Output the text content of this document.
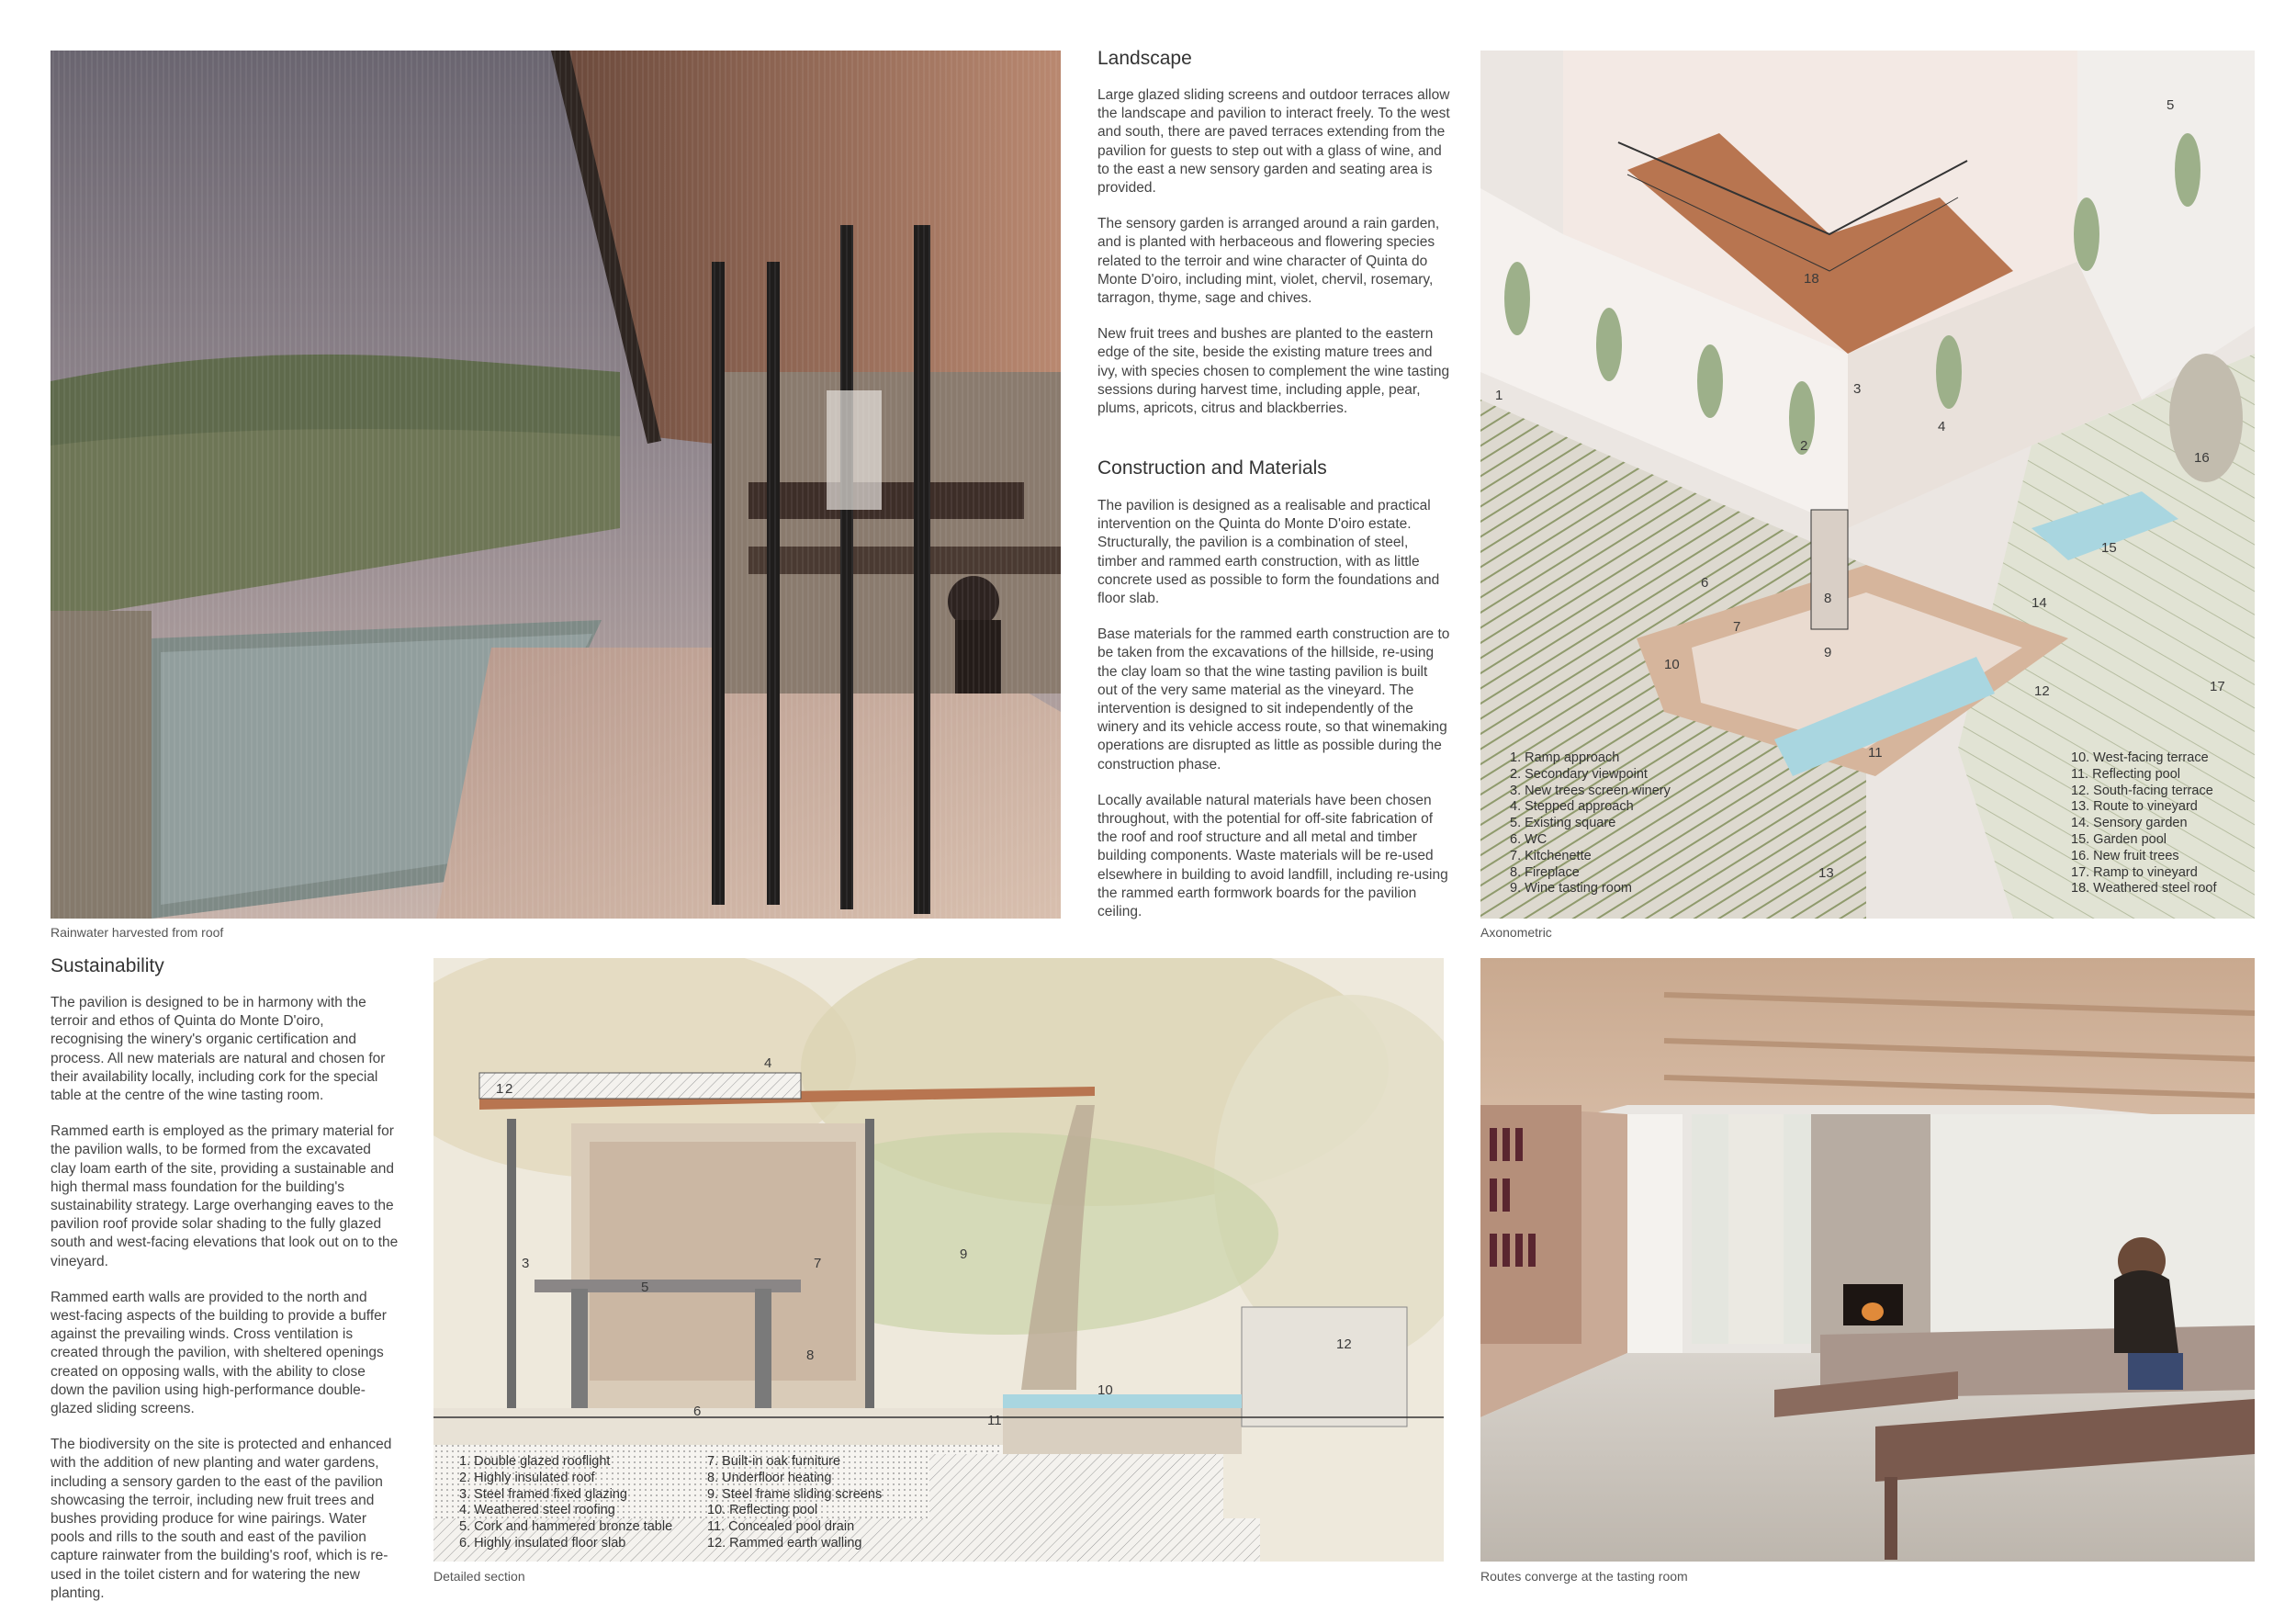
Rainwater harvested from roof
Landscape

Large glazed sliding screens and outdoor terraces allow the landscape and pavilion to interact freely. To the west and south, there are paved terraces extending from the pavilion for guests to step out with a glass of wine, and to the east a new sensory garden and seating area is provided.

The sensory garden is arranged around a rain garden, and is planted with herbaceous and flowering species related to the terroir and wine character of Quinta do Monte D'oiro, including mint, violet, chervil, rosemary, tarragon, thyme, sage and chives.

New fruit trees and bushes are planted to the eastern edge of the site, beside the existing mature trees and ivy, with species chosen to complement the wine tasting sessions during harvest time, including apple, pear, plums, apricots, citrus and blackberries.

Construction and Materials

The pavilion is designed as a realisable and practical intervention on the Quinta do Monte D'oiro estate. Structurally, the pavilion is a combination of steel, timber and rammed earth construction, with as little concrete used as possible to form the foundations and floor slab.

Base materials for the rammed earth construction are to be taken from the excavations of the hillside, re-using the clay loam so that the wine tasting pavilion is built out of the very same material as the vineyard. The intervention is designed to sit independently of the winery and its vehicle access route, so that winemaking operations are disrupted as little as possible during the construction phase.

Locally available natural materials have been chosen throughout, with the potential for off-site fabrication of the roof and roof structure and all metal and timber building components. Waste materials will be re-used elsewhere in building to avoid landfill, including re-using the rammed earth formwork boards for the pavilion ceiling.

1
2
3
4
5
6
7
8
9
10
11
12
13
14
15
16
17
18
1. Ramp approach
2. Secondary viewpoint
3. New trees screen winery
4. Stepped approach
5. Existing square
6. WC
7. Kitchenette
8. Fireplace
9. Wine tasting room
10. West-facing terrace
11. Reflecting pool
12. South-facing terrace
13. Route to vineyard
14. Sensory garden
15. Garden pool
16. New fruit trees
17. Ramp to vineyard
18. Weathered steel roof
Axonometric
Sustainability

The pavilion is designed to be in harmony with the terroir and ethos of Quinta do Monte D'oiro, recognising the winery's organic certification and process. All new materials are natural and chosen for their availability locally, including cork for the special table at the centre of the wine tasting room.

Rammed earth is employed as the primary material for the pavilion walls, to be formed from the excavated clay loam earth of the site, providing a sustainable and high thermal mass foundation for the building's sustainability strategy. Large overhanging eaves to the pavilion roof provide solar shading to the fully glazed south and west-facing elevations that look out on to the vineyard.

Rammed earth walls are provided to the north and west-facing aspects of the building to provide a buffer against the prevailing winds. Cross ventilation is created through the pavilion, with sheltered openings created on opposing walls, with the ability to close down the pavilion using high-performance double-glazed sliding screens.

The biodiversity on the site is protected and enhanced with the addition of new planting and water gardens, including a sensory garden to the east of the pavilion showcasing the terroir, including new fruit trees and bushes providing produce for wine pairings. Water pools and rills to the south and east of the pavilion capture rainwater from the building's roof, which is re-used in the toilet cistern and for watering the new planting.

1 2
3
4
5
6
7
8
9
10
11
12
1. Double glazed rooflight
2. Highly insulated roof
3. Steel framed fixed glazing
4. Weathered steel roofing
5. Cork and hammered bronze table
6. Highly insulated floor slab
7. Built-in oak furniture
8. Underfloor heating
9. Steel frame sliding screens
10. Reflecting pool
11. Concealed pool drain
12. Rammed earth walling
Detailed section	Routes converge at the tasting room
